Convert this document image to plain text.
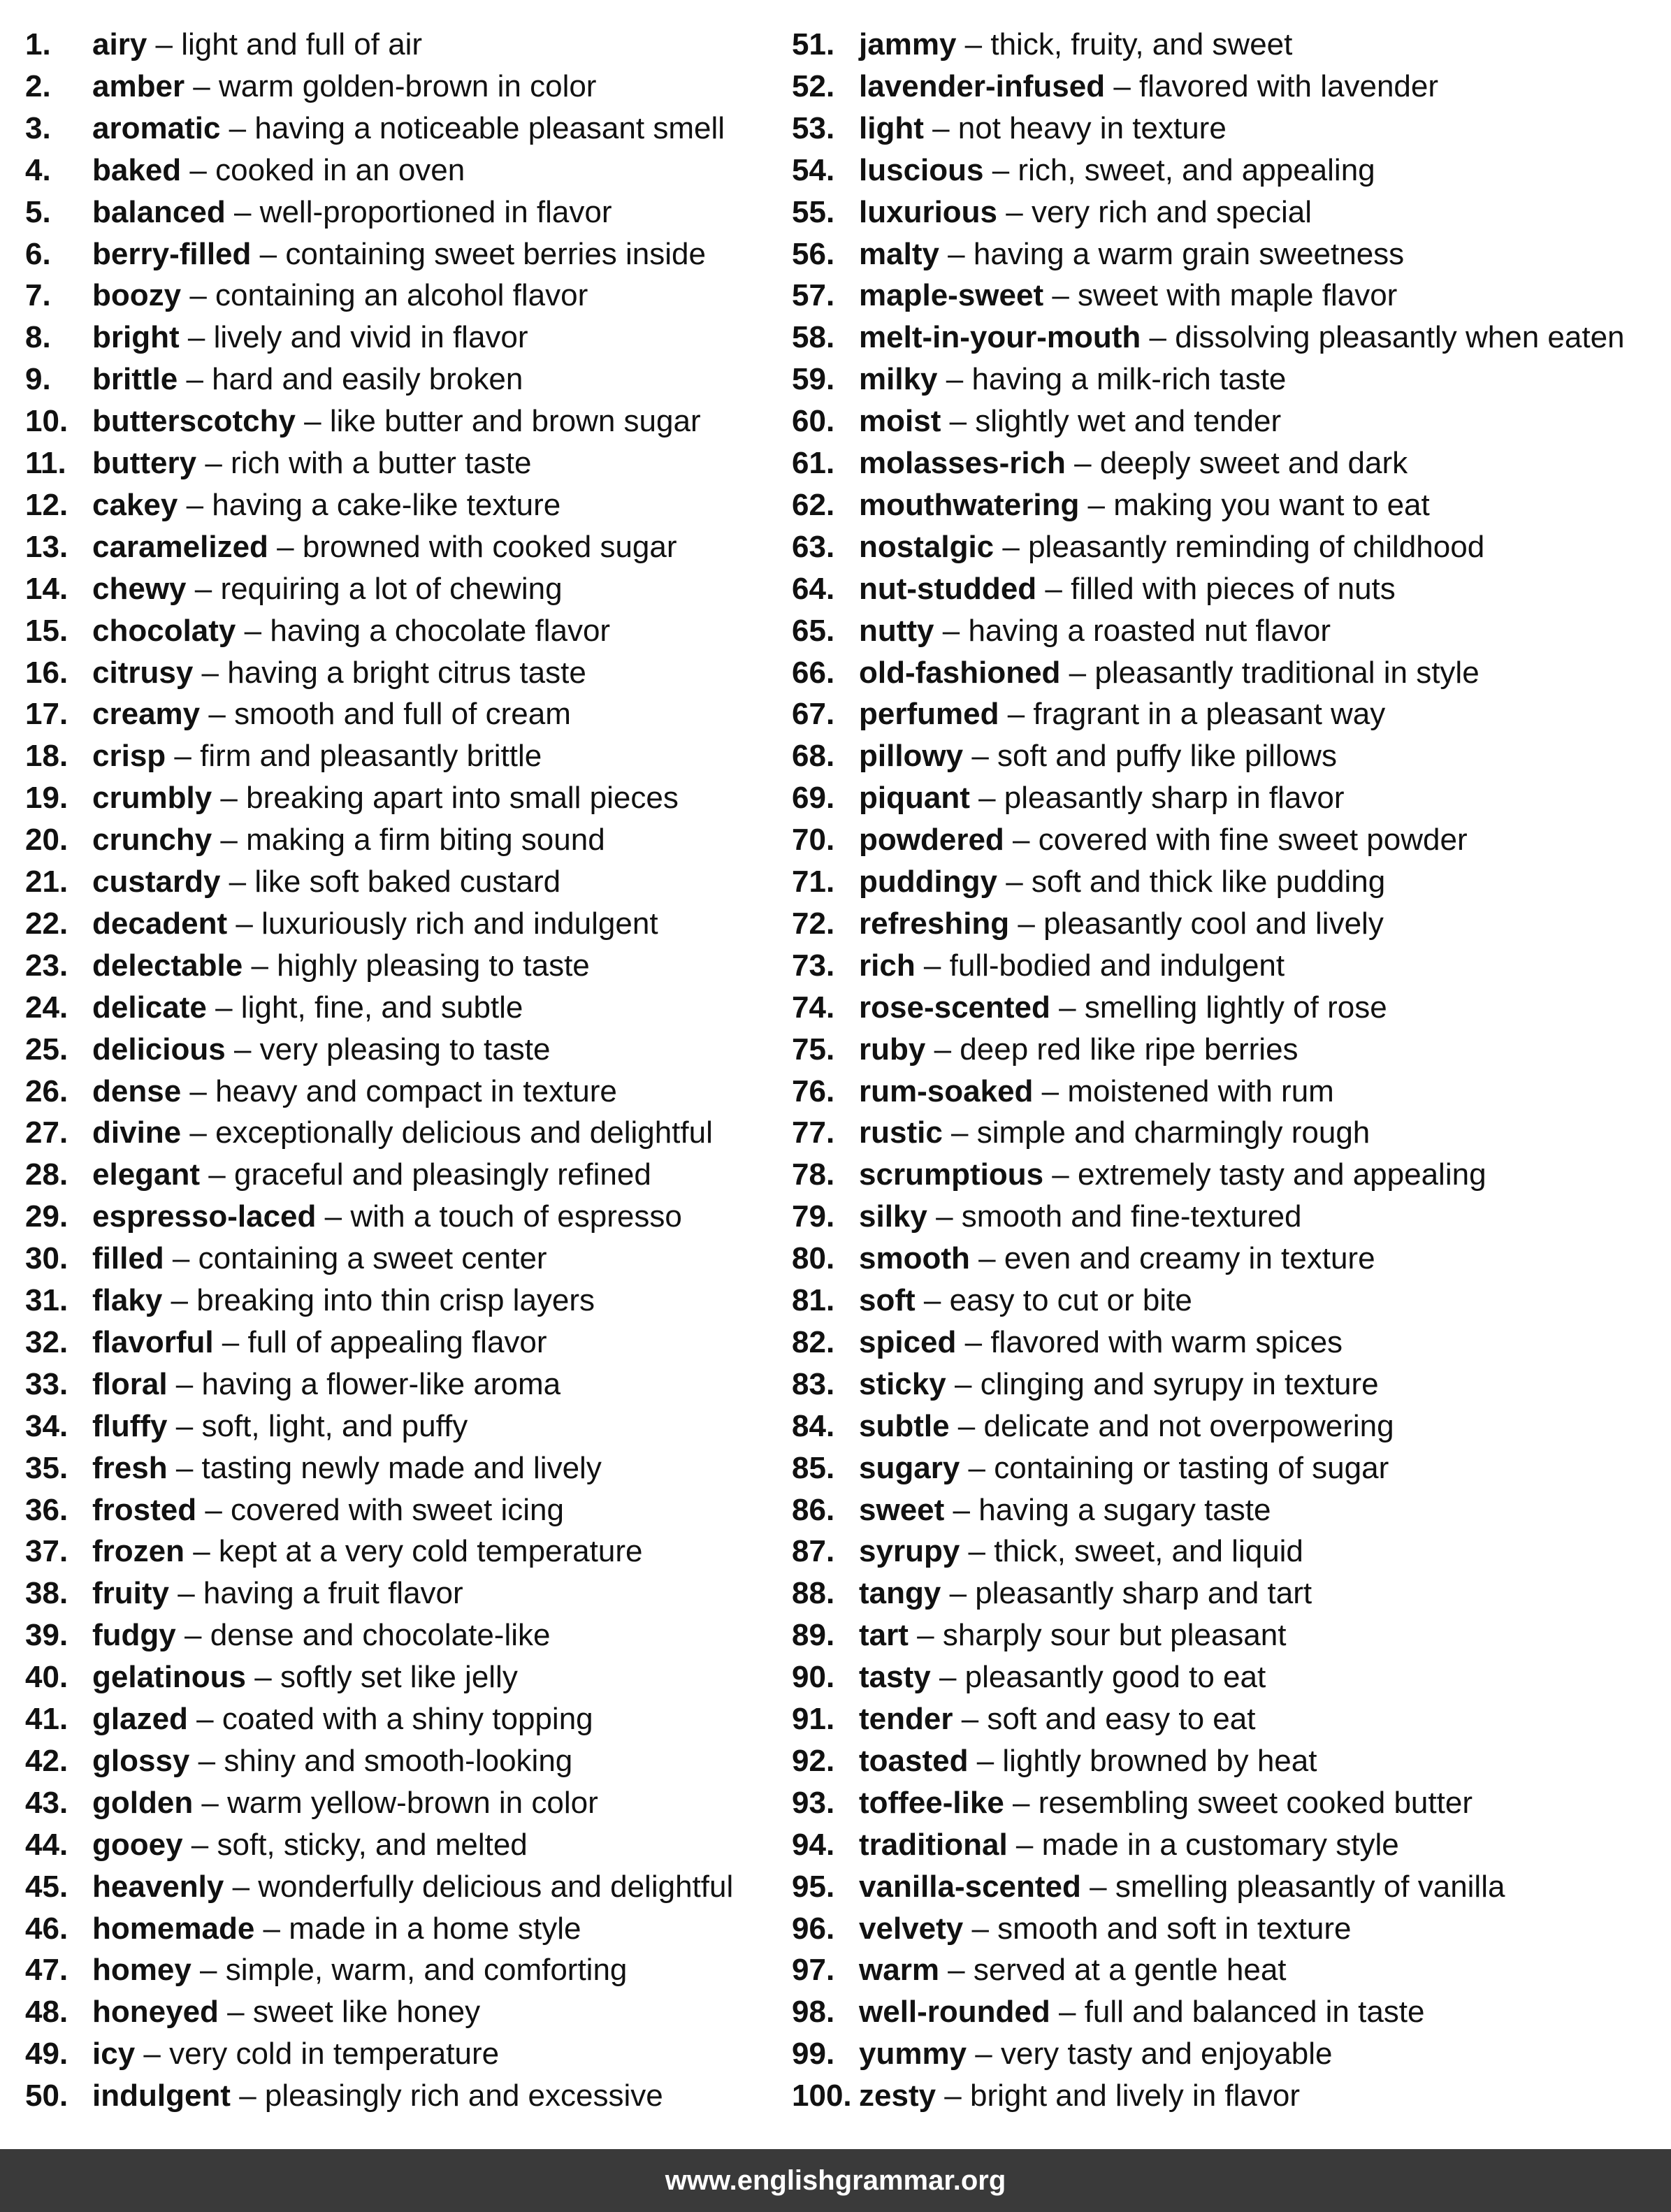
1. airy – light and full of air
2. amber – warm golden-brown in color
3. aromatic – having a noticeable pleasant smell
4. baked – cooked in an oven
5. balanced – well-proportioned in flavor
6. berry-filled – containing sweet berries inside
7. boozy – containing an alcohol flavor
8. bright – lively and vivid in flavor
9. brittle – hard and easily broken
10. butterscotchy – like butter and brown sugar
11. buttery – rich with a butter taste
12. cakey – having a cake-like texture
13. caramelized – browned with cooked sugar
14. chewy – requiring a lot of chewing
15. chocolaty – having a chocolate flavor
16. citrusy – having a bright citrus taste
17. creamy – smooth and full of cream
18. crisp – firm and pleasantly brittle
19. crumbly – breaking apart into small pieces
20. crunchy – making a firm biting sound
21. custardy – like soft baked custard
22. decadent – luxuriously rich and indulgent
23. delectable – highly pleasing to taste
24. delicate – light, fine, and subtle
25. delicious – very pleasing to taste
26. dense – heavy and compact in texture
27. divine – exceptionally delicious and delightful
28. elegant – graceful and pleasingly refined
29. espresso-laced – with a touch of espresso
30. filled – containing a sweet center
31. flaky – breaking into thin crisp layers
32. flavorful – full of appealing flavor
33. floral – having a flower-like aroma
34. fluffy – soft, light, and puffy
35. fresh – tasting newly made and lively
36. frosted – covered with sweet icing
37. frozen – kept at a very cold temperature
38. fruity – having a fruit flavor
39. fudgy – dense and chocolate-like
40. gelatinous – softly set like jelly
41. glazed – coated with a shiny topping
42. glossy – shiny and smooth-looking
43. golden – warm yellow-brown in color
44. gooey – soft, sticky, and melted
45. heavenly – wonderfully delicious and delightful
46. homemade – made in a home style
47. homey – simple, warm, and comforting
48. honeyed – sweet like honey
49. icy – very cold in temperature
50. indulgent – pleasingly rich and excessive
51. jammy – thick, fruity, and sweet
52. lavender-infused – flavored with lavender
53. light – not heavy in texture
54. luscious – rich, sweet, and appealing
55. luxurious – very rich and special
56. malty – having a warm grain sweetness
57. maple-sweet – sweet with maple flavor
58. melt-in-your-mouth – dissolving pleasantly when eaten
59. milky – having a milk-rich taste
60. moist – slightly wet and tender
61. molasses-rich – deeply sweet and dark
62. mouthwatering – making you want to eat
63. nostalgic – pleasantly reminding of childhood
64. nut-studded – filled with pieces of nuts
65. nutty – having a roasted nut flavor
66. old-fashioned – pleasantly traditional in style
67. perfumed – fragrant in a pleasant way
68. pillowy – soft and puffy like pillows
69. piquant – pleasantly sharp in flavor
70. powdered – covered with fine sweet powder
71. puddingy – soft and thick like pudding
72. refreshing – pleasantly cool and lively
73. rich – full-bodied and indulgent
74. rose-scented – smelling lightly of rose
75. ruby – deep red like ripe berries
76. rum-soaked – moistened with rum
77. rustic – simple and charmingly rough
78. scrumptious – extremely tasty and appealing
79. silky – smooth and fine-textured
80. smooth – even and creamy in texture
81. soft – easy to cut or bite
82. spiced – flavored with warm spices
83. sticky – clinging and syrupy in texture
84. subtle – delicate and not overpowering
85. sugary – containing or tasting of sugar
86. sweet – having a sugary taste
87. syrupy – thick, sweet, and liquid
88. tangy – pleasantly sharp and tart
89. tart – sharply sour but pleasant
90. tasty – pleasantly good to eat
91. tender – soft and easy to eat
92. toasted – lightly browned by heat
93. toffee-like – resembling sweet cooked butter
94. traditional – made in a customary style
95. vanilla-scented – smelling pleasantly of vanilla
96. velvety – smooth and soft in texture
97. warm – served at a gentle heat
98. well-rounded – full and balanced in taste
99. yummy – very tasty and enjoyable
100. zesty – bright and lively in flavor
www.englishgrammar.org
